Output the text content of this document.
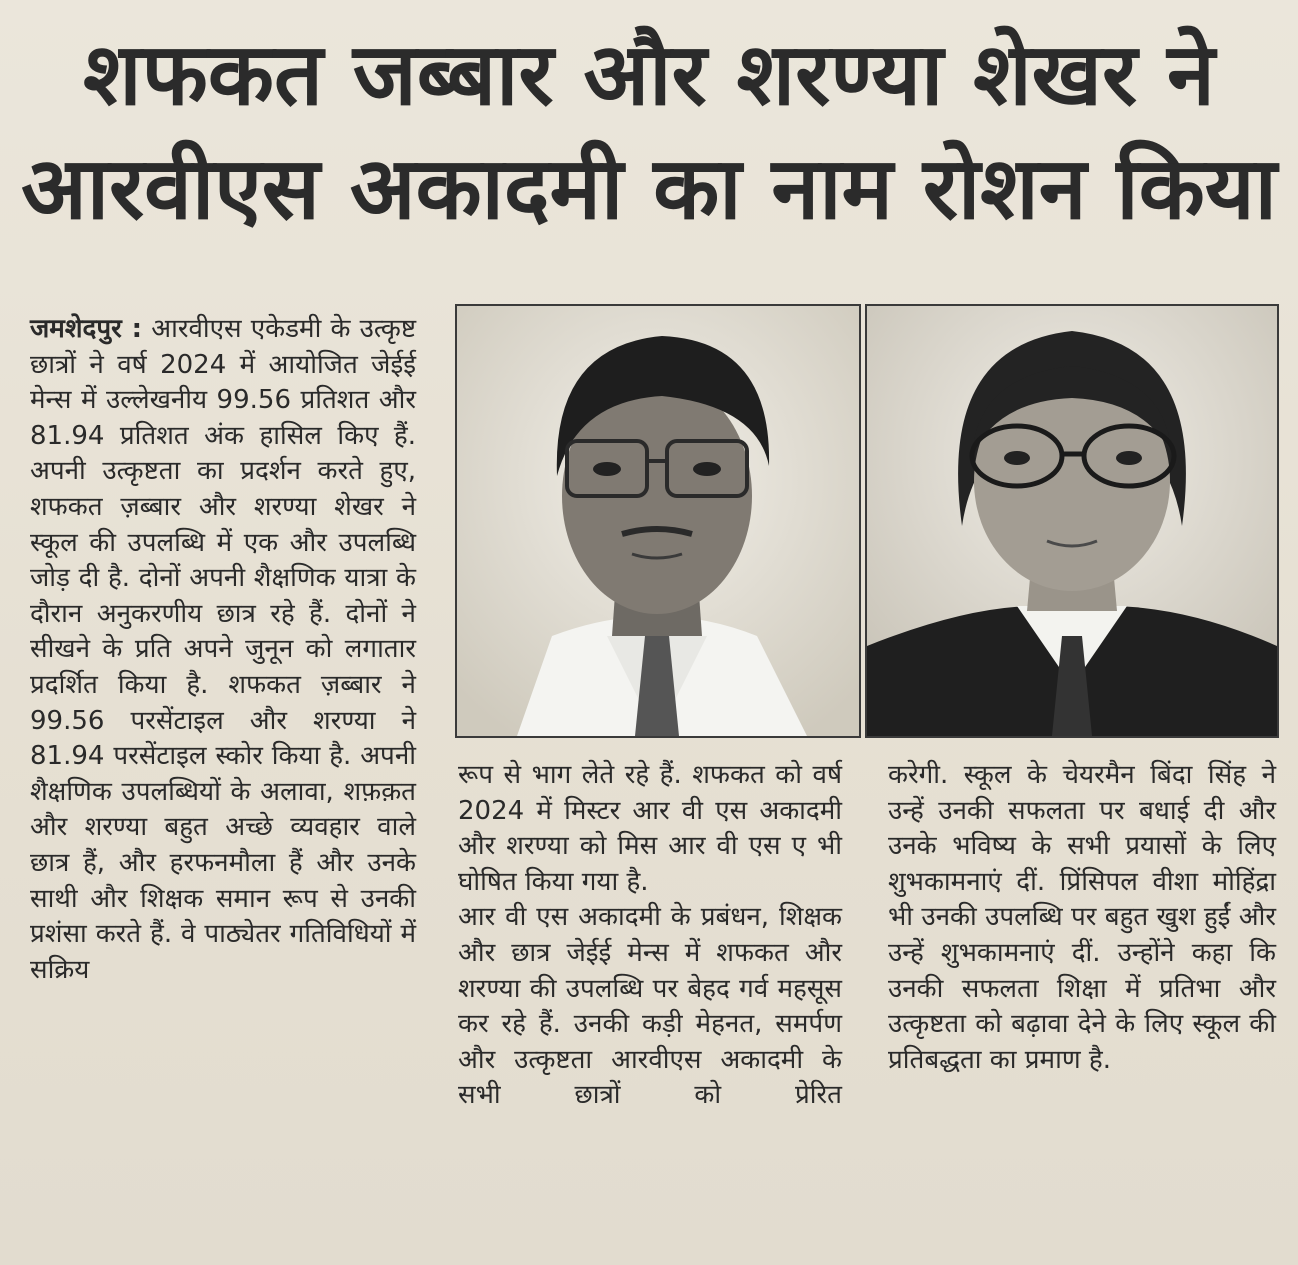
शफकत जब्बार और शरण्या शेखर ने
आरवीएस अकादमी का नाम रोशन किया

जमशेदपुर : आरवीएस एकेडमी के उत्कृष्ट छात्रों ने वर्ष 2024 में आयोजित जेईई मेन्स में उल्लेखनीय 99.56 प्रतिशत और 81.94 प्रतिशत अंक हासिल किए हैं. अपनी उत्कृष्टता का प्रदर्शन करते हुए, शफकत ज़ब्बार और शरण्या शेखर ने स्कूल की उपलब्धि में एक और उपलब्धि जोड़ दी है. दोनों अपनी शैक्षणिक यात्रा के दौरान अनुकरणीय छात्र रहे हैं. दोनों ने सीखने के प्रति अपने जुनून को लगातार प्रदर्शित किया है. शफकत ज़ब्बार ने 99.56 परसेंटाइल और शरण्या ने 81.94 परसेंटाइल स्कोर किया है. अपनी शैक्षणिक उपलब्धियों के अलावा, शफ़क़त और शरण्या बहुत अच्छे व्यवहार वाले छात्र हैं, और हरफनमौला हैं और उनके साथी और शिक्षक समान रूप से उनकी प्रशंसा करते हैं. वे पाठ्येतर गतिविधियों में सक्रिय

रूप से भाग लेते रहे हैं. शफकत को वर्ष 2024 में मिस्टर आर वी एस अकादमी और शरण्या को मिस आर वी एस ए भी घोषित किया गया है.

आर वी एस अकादमी के प्रबंधन, शिक्षक और छात्र जेईई मेन्स में शफकत और शरण्या की उपलब्धि पर बेहद गर्व महसूस कर रहे हैं. उनकी कड़ी मेहनत, समर्पण और उत्कृष्टता आरवीएस अकादमी के सभी छात्रों को प्रेरित

करेगी. स्कूल के चेयरमैन बिंदा सिंह ने उन्हें उनकी सफलता पर बधाई दी और उनके भविष्य के सभी प्रयासों के लिए शुभकामनाएं दीं. प्रिंसिपल वीशा मोहिंद्रा भी उनकी उपलब्धि पर बहुत खुश हुईं और उन्हें शुभकामनाएं दीं. उन्होंने कहा कि उनकी सफलता शिक्षा में प्रतिभा और उत्कृष्टता को बढ़ावा देने के लिए स्कूल की प्रतिबद्धता का प्रमाण है.
